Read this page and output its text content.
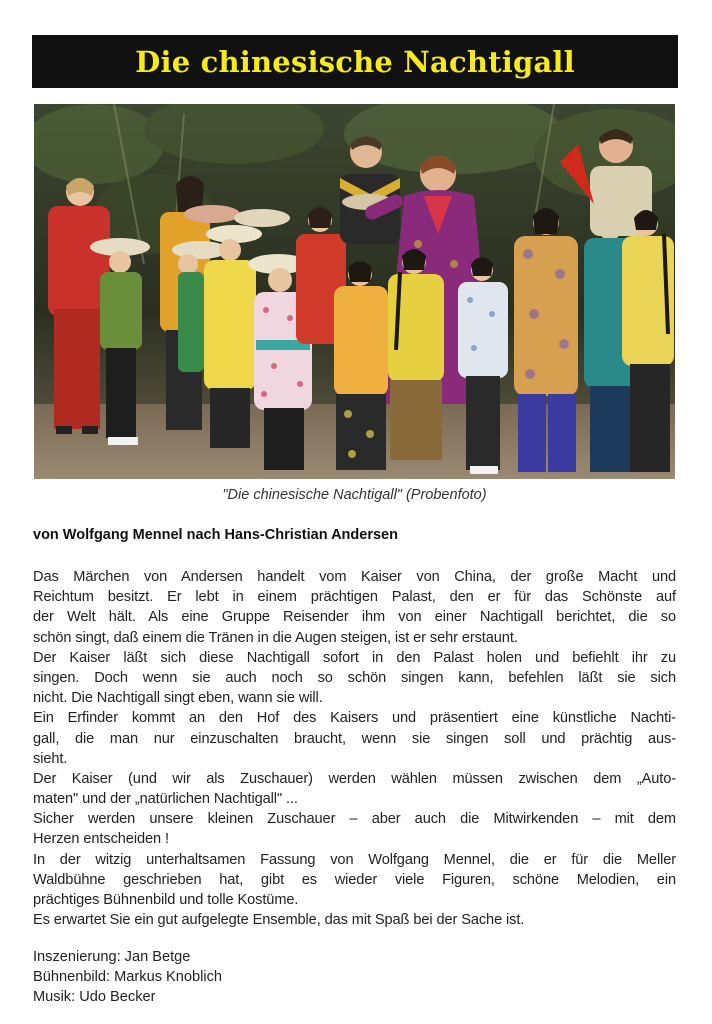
Die chinesische Nachtigall
"Die chinesische Nachtigall" (Probenfoto)
von Wolfgang Mennel nach Hans-Christian Andersen
Das Märchen von Andersen handelt vom Kaiser von China, der große Macht und
Reichtum besitzt. Er lebt in einem prächtigen Palast, den er für das Schönste auf
der Welt hält. Als eine Gruppe Reisender ihm von einer Nachtigall berichtet, die so
schön singt, daß einem die Tränen in die Augen steigen, ist er sehr erstaunt.
Der Kaiser läßt sich diese Nachtigall sofort in den Palast holen und befiehlt ihr zu
singen. Doch wenn sie auch noch so schön singen kann, befehlen läßt sie sich
nicht. Die Nachtigall singt eben, wann sie will.
Ein Erfinder kommt an den Hof des Kaisers und präsentiert eine künstliche Nachti-
gall, die man nur einzuschalten braucht, wenn sie singen soll und prächtig aus-
sieht.
Der Kaiser (und wir als Zuschauer) werden wählen müssen zwischen dem „Auto-
maten" und der „natürlichen Nachtigall" ...
Sicher werden unsere kleinen Zuschauer – aber auch die Mitwirkenden – mit dem
Herzen entscheiden !
In der witzig unterhaltsamen Fassung von Wolfgang Mennel, die er für die Meller
Waldbühne geschrieben hat, gibt es wieder viele Figuren, schöne Melodien, ein
prächtiges Bühnenbild und tolle Kostüme.
Es erwartet Sie ein gut aufgelegte Ensemble, das mit Spaß bei der Sache ist.
Inszenierung: Jan Betge
Bühnenbild: Markus Knoblich
Musik: Udo Becker
